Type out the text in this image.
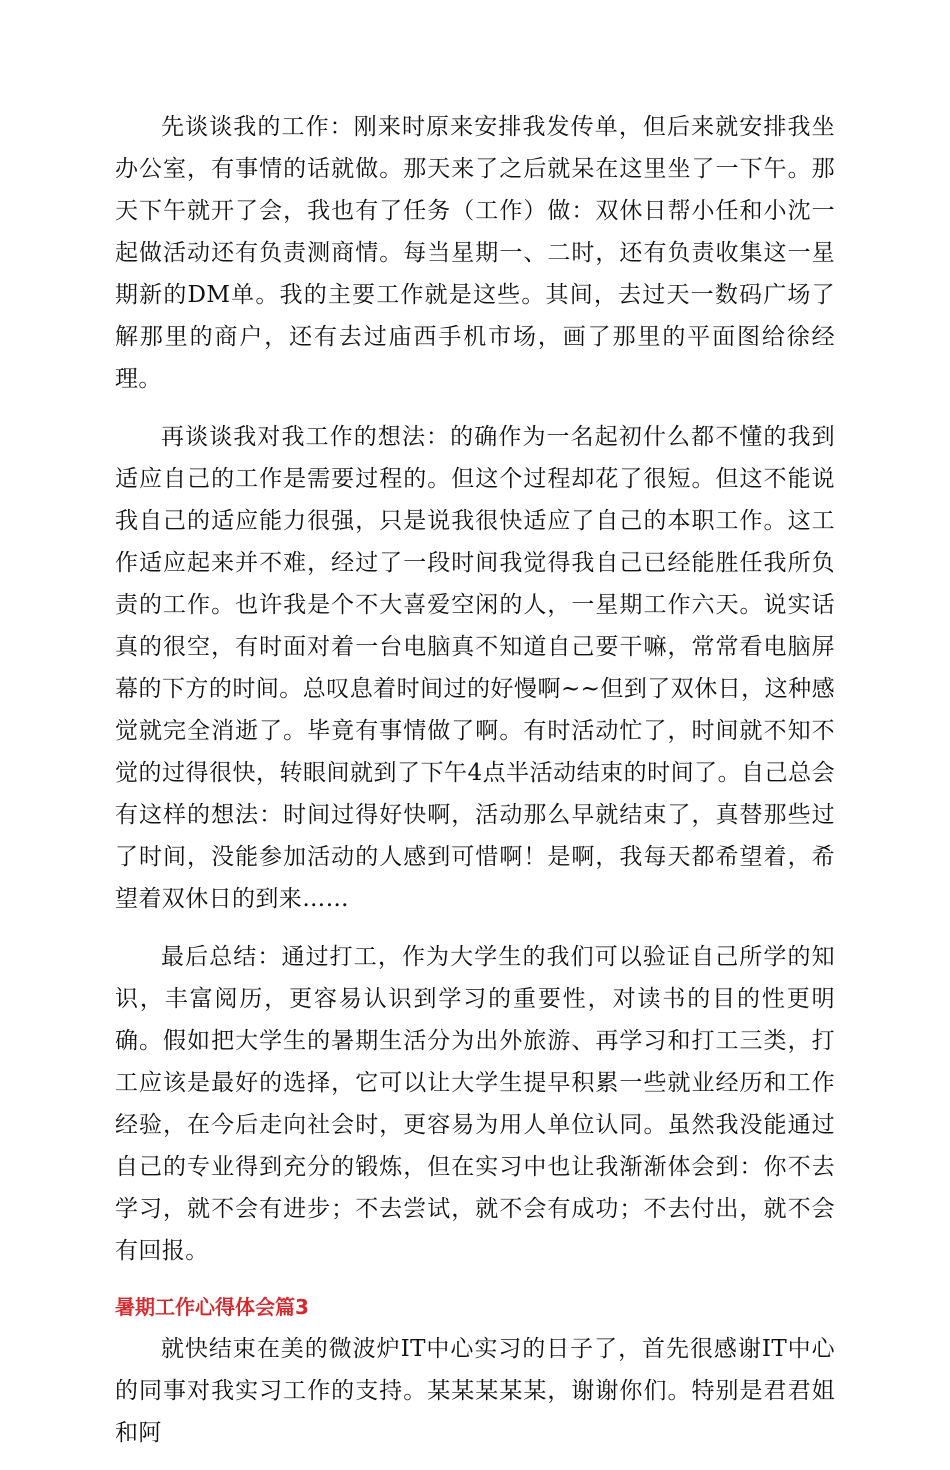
先谈谈我的工作：刚来时原来安排我发传单，但后来就安排我坐办公室，有事情的话就做。那天来了之后就呆在这里坐了一下午。那天下午就开了会，我也有了任务（工作）做：双休日帮小任和小沈一起做活动还有负责测商情。每当星期一、二时，还有负责收集这一星期新的DM单。我的主要工作就是这些。其间，去过天一数码广场了解那里的商户，还有去过庙西手机市场，画了那里的平面图给徐经理。

再谈谈我对我工作的想法：的确作为一名起初什么都不懂的我到适应自己的工作是需要过程的。但这个过程却花了很短。但这不能说我自己的适应能力很强，只是说我很快适应了自己的本职工作。这工作适应起来并不难，经过了一段时间我觉得我自己已经能胜任我所负责的工作。也许我是个不大喜爱空闲的人，一星期工作六天。说实话真的很空，有时面对着一台电脑真不知道自己要干嘛，常常看电脑屏幕的下方的时间。总叹息着时间过的好慢啊~~但到了双休日，这种感觉就完全消逝了。毕竟有事情做了啊。有时活动忙了，时间就不知不觉的过得很快，转眼间就到了下午4点半活动结束的时间了。自己总会有这样的想法：时间过得好快啊，活动那么早就结束了，真替那些过了时间，没能参加活动的人感到可惜啊！是啊，我每天都希望着，希望着双休日的到来……

最后总结：通过打工，作为大学生的我们可以验证自己所学的知识，丰富阅历，更容易认识到学习的重要性，对读书的目的性更明确。假如把大学生的暑期生活分为出外旅游、再学习和打工三类，打工应该是最好的选择，它可以让大学生提早积累一些就业经历和工作经验，在今后走向社会时，更容易为用人单位认同。虽然我没能通过自己的专业得到充分的锻炼，但在实习中也让我渐渐体会到：你不去学习，就不会有进步；不去尝试，就不会有成功；不去付出，就不会有回报。

暑期工作心得体会篇3

就快结束在美的微波炉IT中心实习的日子了，首先很感谢IT中心的同事对我实习工作的支持。某某某某某，谢谢你们。特别是君君姐和阿
